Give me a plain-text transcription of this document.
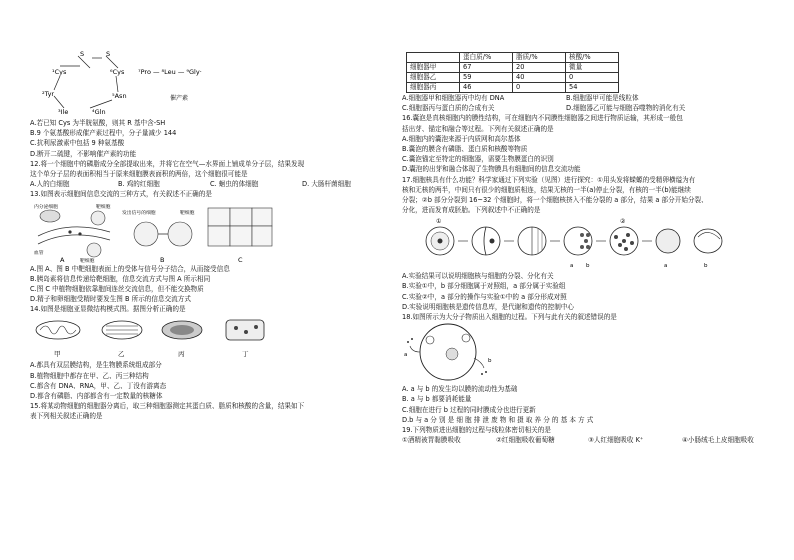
S	S
¹Cys	⁶Cys ⁷Pro — ⁸Leu — ⁹Gly·
²Tyr	⁵Asn
³Ile	⁴Gln
催产素
A.若已知 Cys 为半胱氨酸，则其 R 基中含-SH
B.9 个氨基酸形成催产素过程中，分子量减少 144
C.抗利尿激素中包括 9 种氨基酸
D.断开二硫键，不影响催产素的功能
12.将一个细胞中的磷脂成分全部提取出来，并将它在空气—水界面上铺成单分子层，结果发现
这个单分子层的表面积相当于原来细胞膜表面积的两倍，这个细胞很可能是
A.人的白细胞	B. 鸡的红细胞	C. 蛔虫的体细胞	D. 大肠杆菌细胞
13.如图表示细胞间信息交流的三种方式，有关叙述不正确的是
内分泌细胞	靶细胞
血管
靶细胞
发出信号的细胞	靶细胞
A	B	C
A.图 A、图 B 中靶细胞表面上的受体与信号分子结合，从而接受信息
B.胰岛素将信息传递给靶细胞，信息交流方式与图 A 所示相同
C.图 C 中植物细胞依靠胞间连丝交流信息，但不能交换物质
D.精子和卵细胞受精时要发生图 B 所示的信息交流方式
14.如图是细胞亚显微结构模式图。据图分析正确的是
甲	乙	丙	丁
A.都具有双层膜结构，是生物膜系统组成部分
B.植物细胞中都存在甲、乙、丙三种结构
C.都含有 DNA、RNA，甲、乙、丁没有游离态
D.都含有磷脂、内部都含有一定数量的核糖体
15.将某动物细胞的细胞器分离后，取三种细胞器测定其蛋白质、脂质和核酸的含量，结果如下
表下列相关叙述正确的是
	蛋白质/%	脂质/%	核酸/%
细胞器甲	67	20	微量
细胞器乙	59	40	0
细胞器丙	46	0	54
A.细胞器甲和细胞器丙中均有 DNA	B.细胞器甲可能是线粒体
C.细胞器丙与蛋白质的合成有关	D.细胞器乙可能与细胞吞噬物的消化有关
16.囊泡是真核细胞内的膜性结构，可在细胞内不同膜性细胞器之间进行物质运输，其形成一般包
括出芽、锚定和融合等过程。下列有关叙述正确的是
A.细胞内的囊泡来源于内质网和高尔基体
B.囊泡的膜含有磷脂、蛋白质和核酸等物质
C.囊泡锚定至特定的细胞器，需要生物膜蛋白的识别
D.囊泡的出芽和融合体现了生物膜具有细胞间的信息交流功能
17.细胞核具有什么功能？科学家通过下列实验（见图）进行探究：①用头发将蝾螈的受精卵横缢为有
核和无核的两半，中间只有很少的细胞质相连，结果无核的一半(a)停止分裂，有核的一半(b)能继续
分裂；②b 部分分裂到 16~32 个细胞时，将一个细胞核挤入不能分裂的 a 部分，结果 a 部分开始分裂、
分化，进而发育成胚胎。下列叙述中不正确的是
①
a b
②
a	b
A.实验结果可以说明细胞核与细胞的分裂、分化有关
B.实验①中，b 部分细胞属于对照组，a 部分属于实验组
C.实验②中，a 部分的操作与实验①中的 a 部分形成对照
D.实验说明细胞核是遗传信息库，是代谢和遗传的控制中心
18.如图所示为大分子物质出入细胞的过程。下列与此有关的叙述错误的是
a
b
A. a 与 b 的发生均以膜的流动性为基础
B. a 与 b 都要消耗能量
C.细胞在进行 b 过程的同时膜成分也进行更新
D.b 与 a 分 别 是 细 胞 排 泄 废 物 和 摄 取 养 分 的 基 本 方 式
19.下列物质进出细胞的过程与线粒体密切相关的是
①酒精被胃黏膜吸收	②红细胞吸收葡萄糖	③人红细胞吸收 K⁺	④小肠绒毛上皮细胞吸收
